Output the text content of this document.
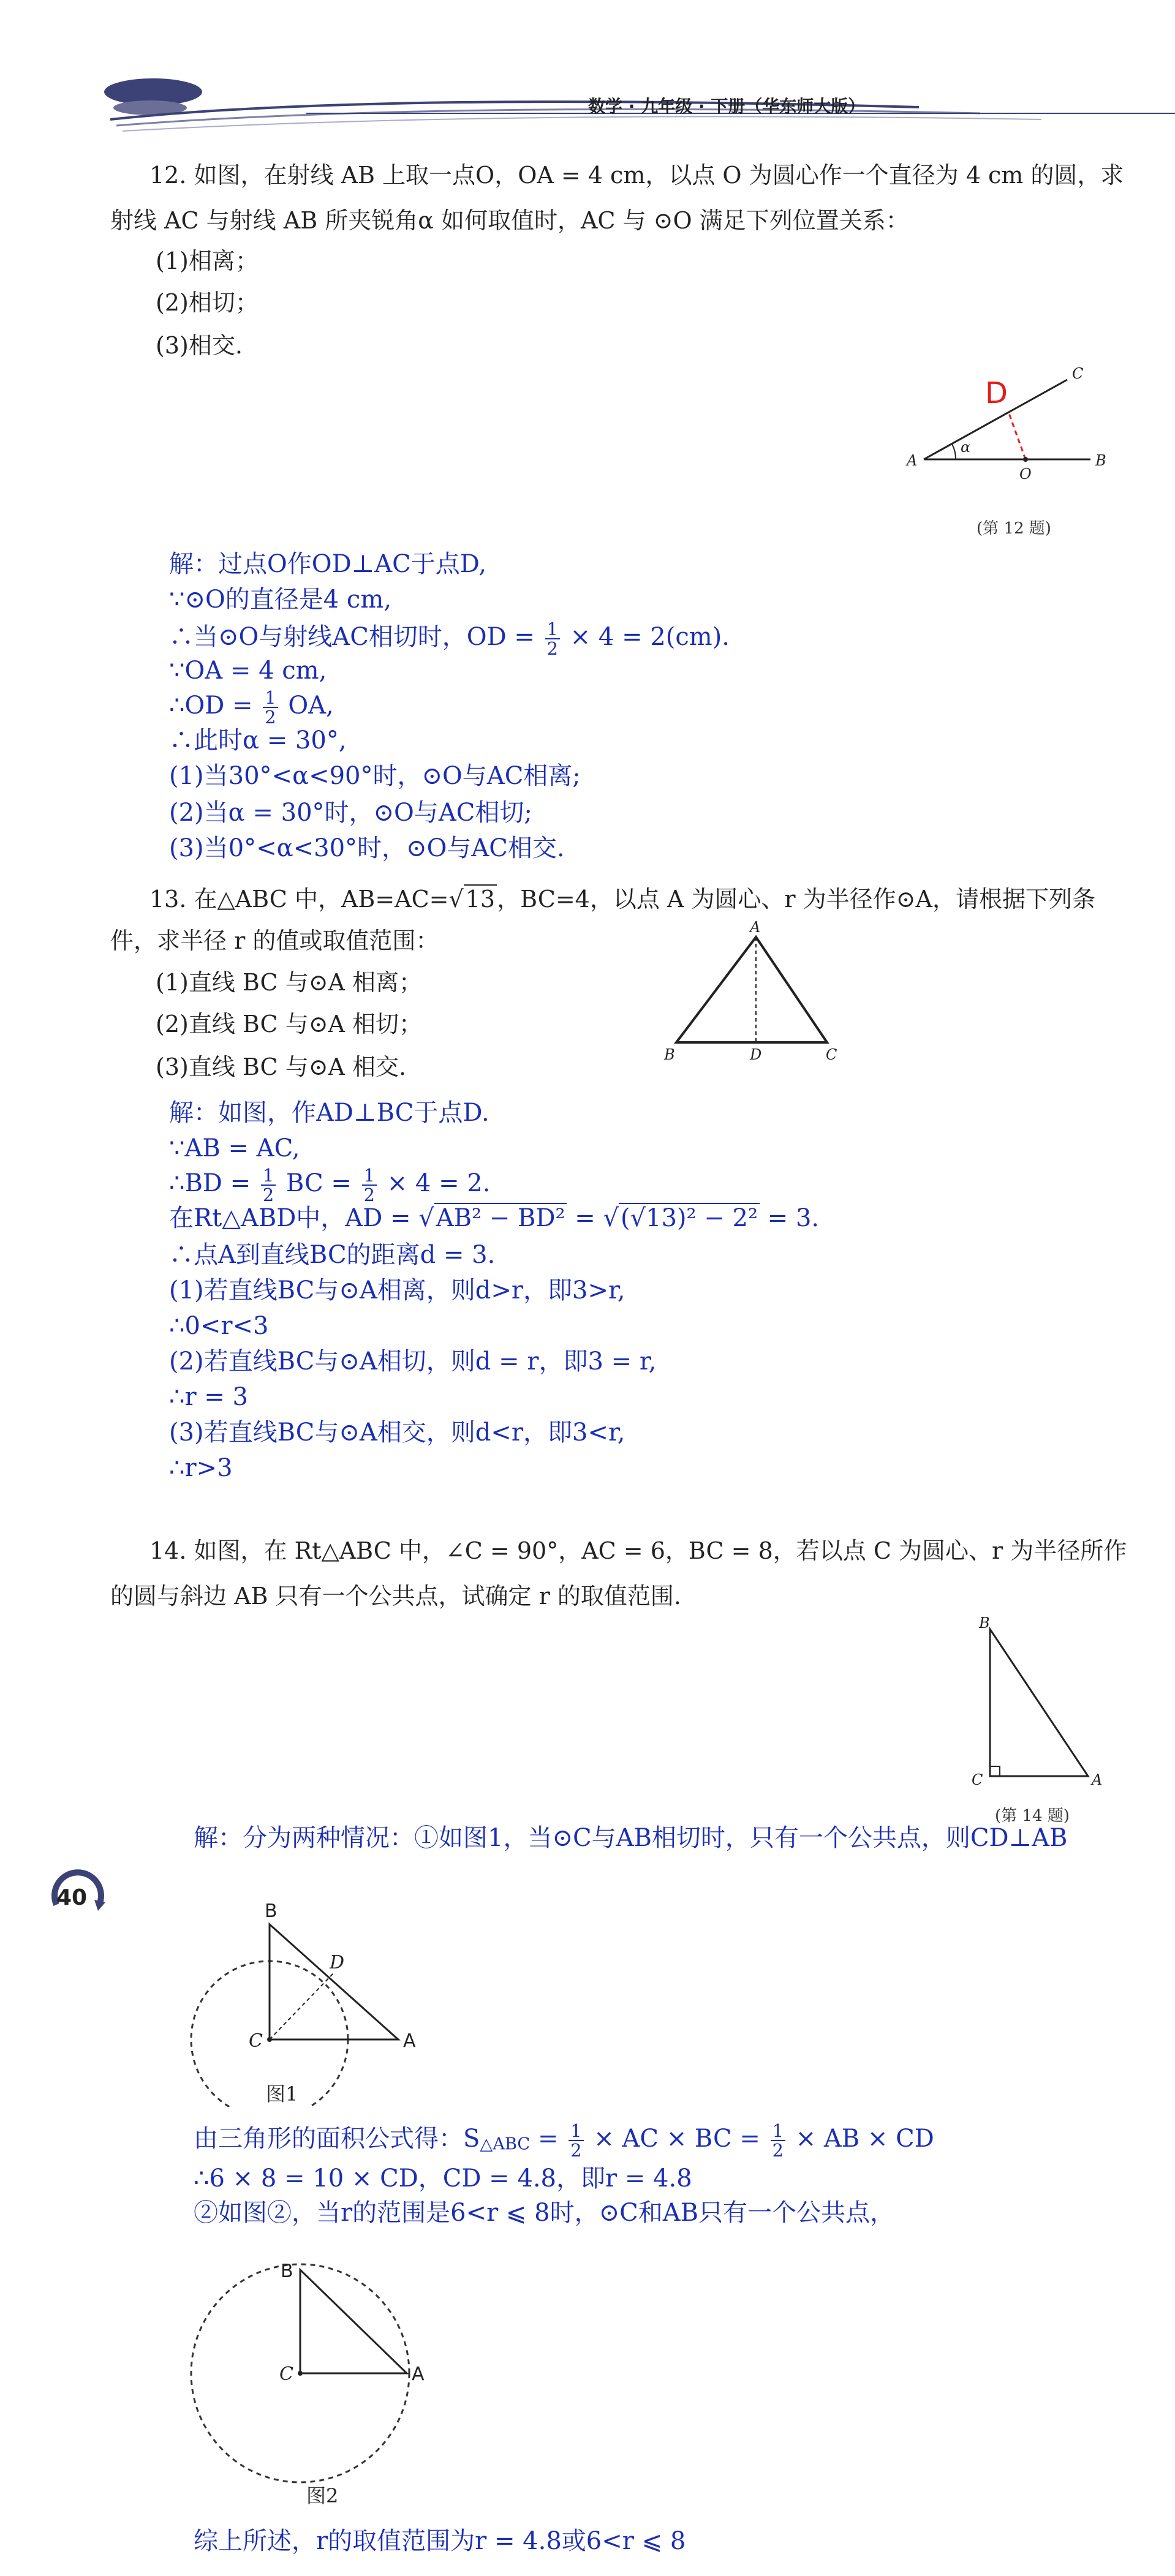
数学 · 九年级 · 下册（华东师大版）
12. 如图，在射线 AB 上取一点O，OA = 4 cm，以点 O 为圆心作一个直径为 4 cm 的圆，求
射线 AC 与射线 AB 所夹锐角α 如何取值时，AC 与 ⊙O 满足下列位置关系：
(1)相离；
(2)相切；
(3)相交.
D
C
A
α
O
B
(第 12 题)
解：过点O作OD⊥AC于点D,
∵⊙O的直径是4 cm,
∴当⊙O与射线AC相切时，OD = $\frac{1}{2} \times 4 = 2(cm)$.
∵OA = 4 cm,
∴OD = $\frac{1}{2}$ OA,
∴此时α = 30°,
(1)当30°<α<90°时，⊙O与AC相离;
(2)当α = 30°时，⊙O与AC相切;
(3)当0°<α<30°时，⊙O与AC相交.
13. 在△ABC 中，AB=AC=√13，BC=4，以点 A 为圆心、r 为半径作⊙A，请根据下列条
件，求半径 r 的值或取值范围：
(1)直线 BC 与⊙A 相离；
(2)直线 BC 与⊙A 相切；
(3)直线 BC 与⊙A 相交.
A
B	D	C
解：如图，作AD⊥BC于点D.
∵AB = AC,
∴BD = $\frac{1}{2}$ BC = $\frac{1}{2} \times 4 = 2$.
在Rt△ABD中，AD = √AB² − BD² = √(√13)² − 2² = 3.
∴点A到直线BC的距离d = 3.
(1)若直线BC与⊙A相离，则d>r，即3>r,
∴0<r<3
(2)若直线BC与⊙A相切，则d = r，即3 = r,
∴r = 3
(3)若直线BC与⊙A相交，则d<r，即3<r,
∴r>3
14. 如图，在 Rt△ABC 中，∠C = 90°，AC = 6，BC = 8，若以点 C 为圆心、r 为半径所作
的圆与斜边 AB 只有一个公共点，试确定 r 的取值范围.
B
C	A
(第 14 题)
40
解：分为两种情况：①如图1，当⊙C与AB相切时，只有一个公共点，则CD⊥AB
B
D
C	A
图1
由三角形的面积公式得：S△ABC = $\frac{1}{2}$ × AC × BC = $\frac{1}{2}$ × AB × CD
∴6 × 8 = 10 × CD，CD = 4.8，即r = 4.8
②如图②，当r的范围是6<r ⩽ 8时，⊙C和AB只有一个公共点，
B
C	A
图2
综上所述，r的取值范围为r = 4.8或6<r ⩽ 8
